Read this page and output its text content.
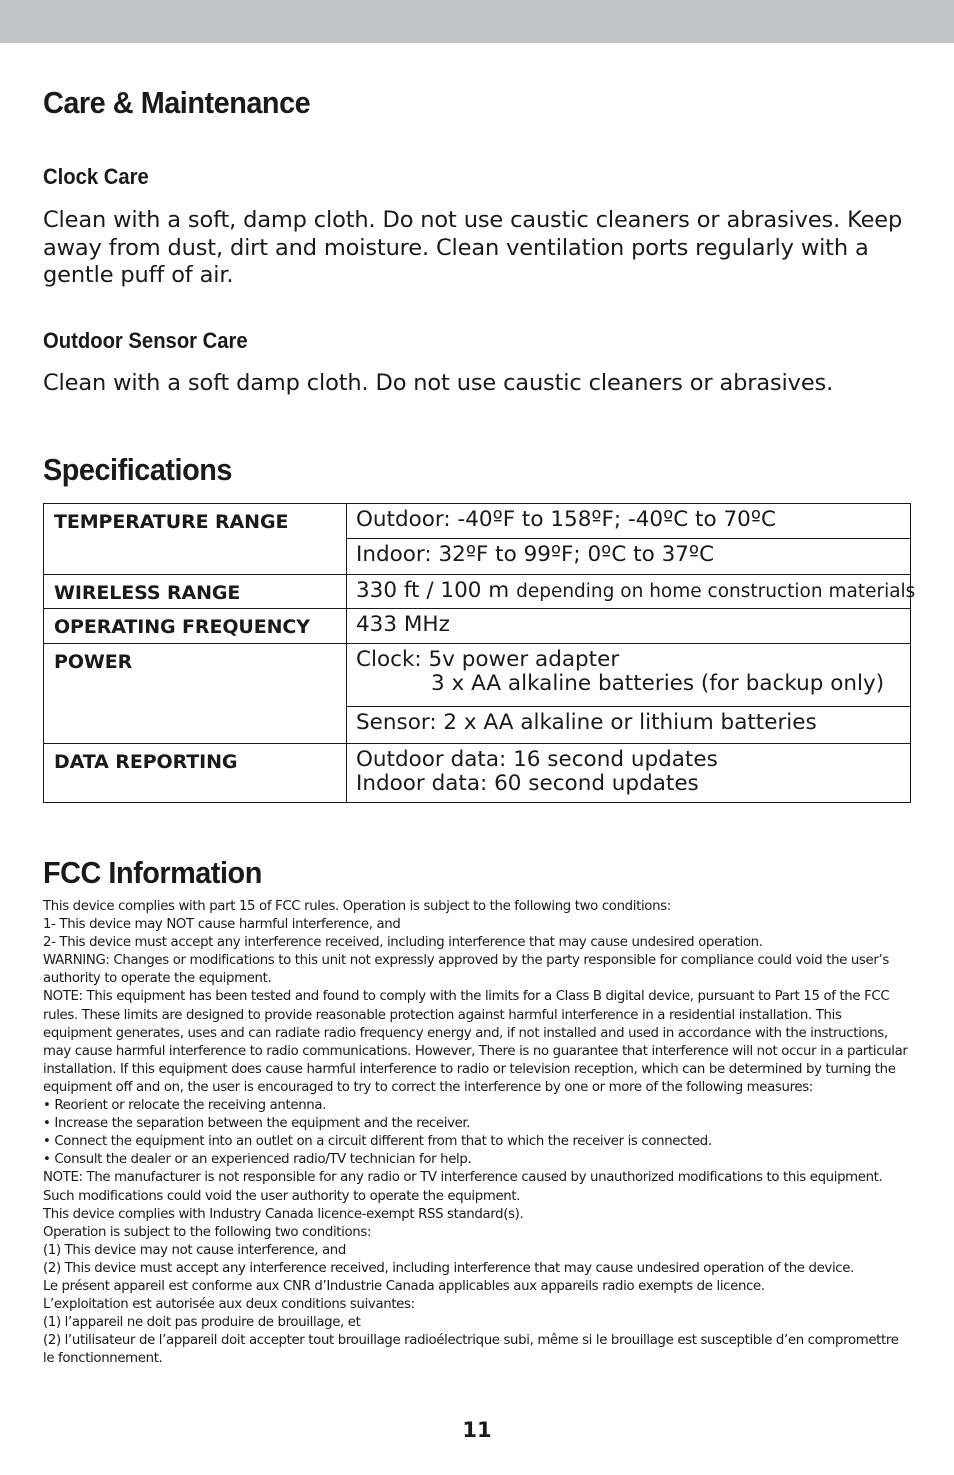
Care & Maintenance
Clock Care

Clean with a soft, damp cloth. Do not use caustic cleaners or abrasives. Keep away from dust, dirt and moisture. Clean ventilation ports regularly with a gentle puff of air.

Outdoor Sensor Care

Clean with a soft damp cloth. Do not use caustic cleaners or abrasives.

Specifications
TEMPERATURE RANGE	Outdoor: -40ºF to 158ºF; -40ºC to 70ºC
	Indoor: 32ºF to 99ºF; 0ºC to 37ºC
WIRELESS RANGE	330 ft / 100 m depending on home construction materials
OPERATING FREQUENCY	433 MHz
POWER	Clock: 5v power adapter
3 x AA alkaline batteries (for backup only)

	Sensor: 2 x AA alkaline or lithium batteries
DATA REPORTING	Outdoor data: 16 second updates
Indoor data: 60 second updates
FCC Information

This device complies with part 15 of FCC rules. Operation is subject to the following two conditions:

1- This device may NOT cause harmful interference, and

2- This device must accept any interference received, including interference that may cause undesired operation.

WARNING: Changes or modifications to this unit not expressly approved by the party responsible for compliance could void the user’s authority to operate the equipment.

NOTE: This equipment has been tested and found to comply with the limits for a Class B digital device, pursuant to Part 15 of the FCC rules. These limits are designed to provide reasonable protection against harmful interference in a residential installation. This equipment generates, uses and can radiate radio frequency energy and, if not installed and used in accordance with the instructions, may cause harmful interference to radio communications. However, There is no guarantee that interference will not occur in a particular installation. If this equipment does cause harmful interference to radio or television reception, which can be determined by turning the equipment off and on, the user is encouraged to try to correct the interference by one or more of the following measures:

• Reorient or relocate the receiving antenna.

• Increase the separation between the equipment and the receiver.

• Connect the equipment into an outlet on a circuit different from that to which the receiver is connected.

• Consult the dealer or an experienced radio/TV technician for help.

NOTE: The manufacturer is not responsible for any radio or TV interference caused by unauthorized modifications to this equipment. Such modifications could void the user authority to operate the equipment.

This device complies with Industry Canada licence-exempt RSS standard(s).

Operation is subject to the following two conditions:

(1) This device may not cause interference, and

(2) This device must accept any interference received, including interference that may cause undesired operation of the device.

Le présent appareil est conforme aux CNR d’Industrie Canada applicables aux appareils radio exempts de licence.

L’exploitation est autorisée aux deux conditions suivantes:

(1) l’appareil ne doit pas produire de brouillage, et

(2) l’utilisateur de l’appareil doit accepter tout brouillage radioélectrique subi, même si le brouillage est susceptible d’en compromettre le fonctionnement.

11
